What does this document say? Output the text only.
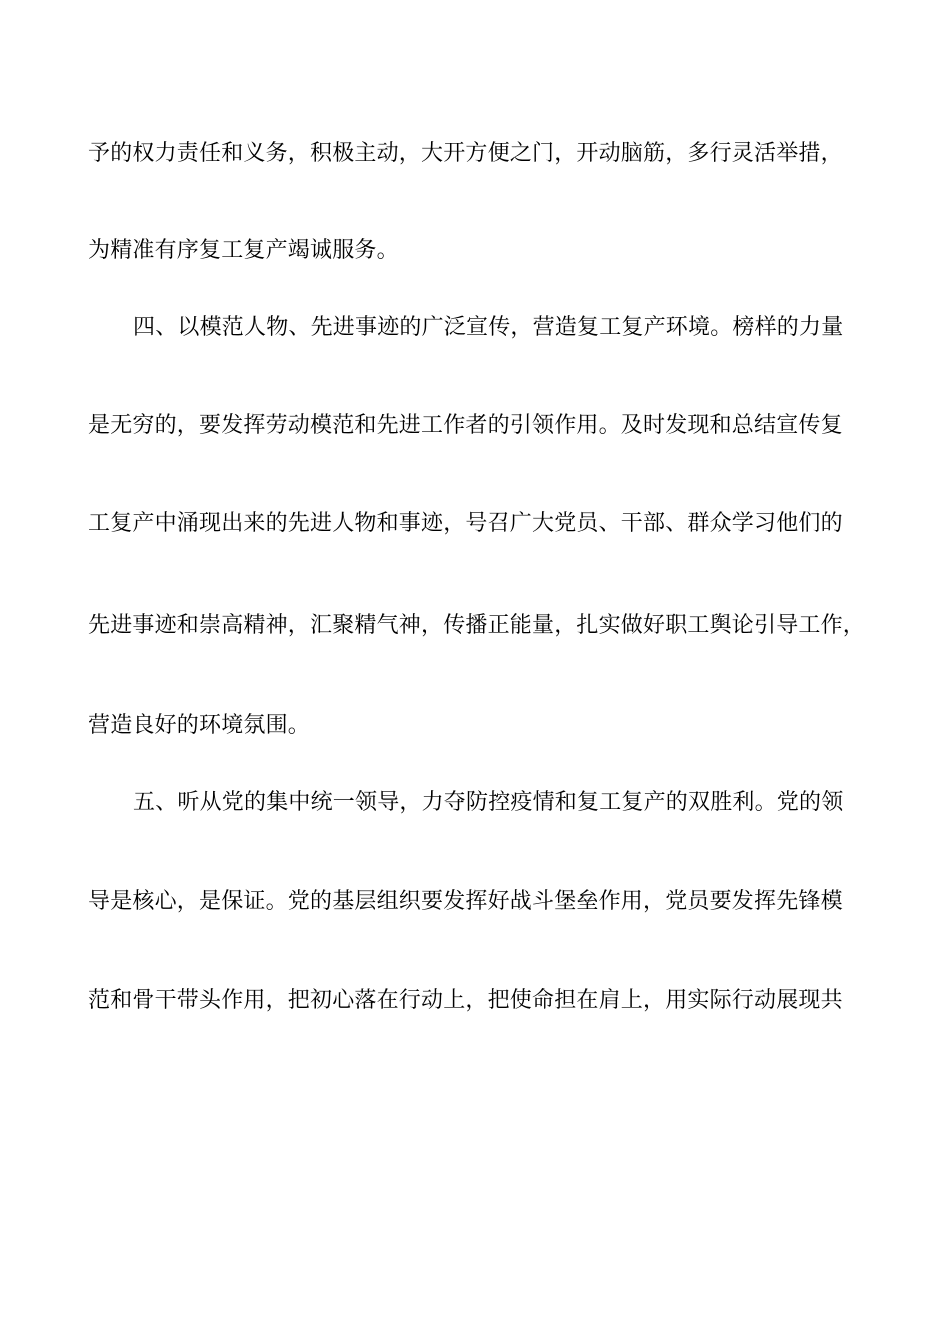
予的权力责任和义务，积极主动，大开方便之门，开动脑筋，多行灵活举措，
为精准有序复工复产竭诚服务。
四、以模范人物、先进事迹的广泛宣传，营造复工复产环境。榜样的力量
是无穷的，要发挥劳动模范和先进工作者的引领作用。及时发现和总结宣传复
工复产中涌现出来的先进人物和事迹，号召广大党员、干部、群众学习他们的
先进事迹和崇高精神，汇聚精气神，传播正能量，扎实做好职工舆论引导工作，
营造良好的环境氛围。
五、听从党的集中统一领导，力夺防控疫情和复工复产的双胜利。党的领
导是核心，是保证。党的基层组织要发挥好战斗堡垒作用，党员要发挥先锋模
范和骨干带头作用，把初心落在行动上，把使命担在肩上，用实际行动展现共
